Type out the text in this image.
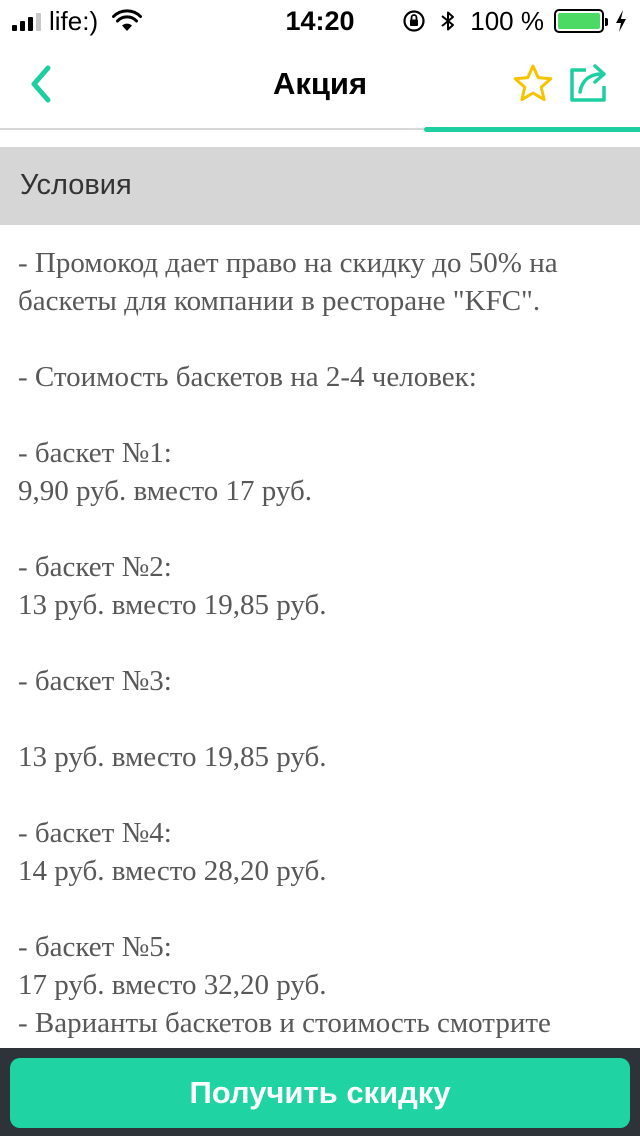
life:)	14:20	100 %
Акция
Условия
- Промокод дает право на скидку до 50% на баскеты для компании в ресторане "KFC".

- Стоимость баскетов на 2-4 человек:

- баскет №1:
9,90 руб. вместо 17 руб.

- баскет №2:
13 руб. вместо 19,85 руб.

- баскет №3:

13 руб. вместо 19,85 руб.

- баскет №4:
14 руб. вместо 28,20 руб.

- баскет №5:
17 руб. вместо 32,20 руб.
- Варианты баскетов и стоимость смотрите
Получить скидку
